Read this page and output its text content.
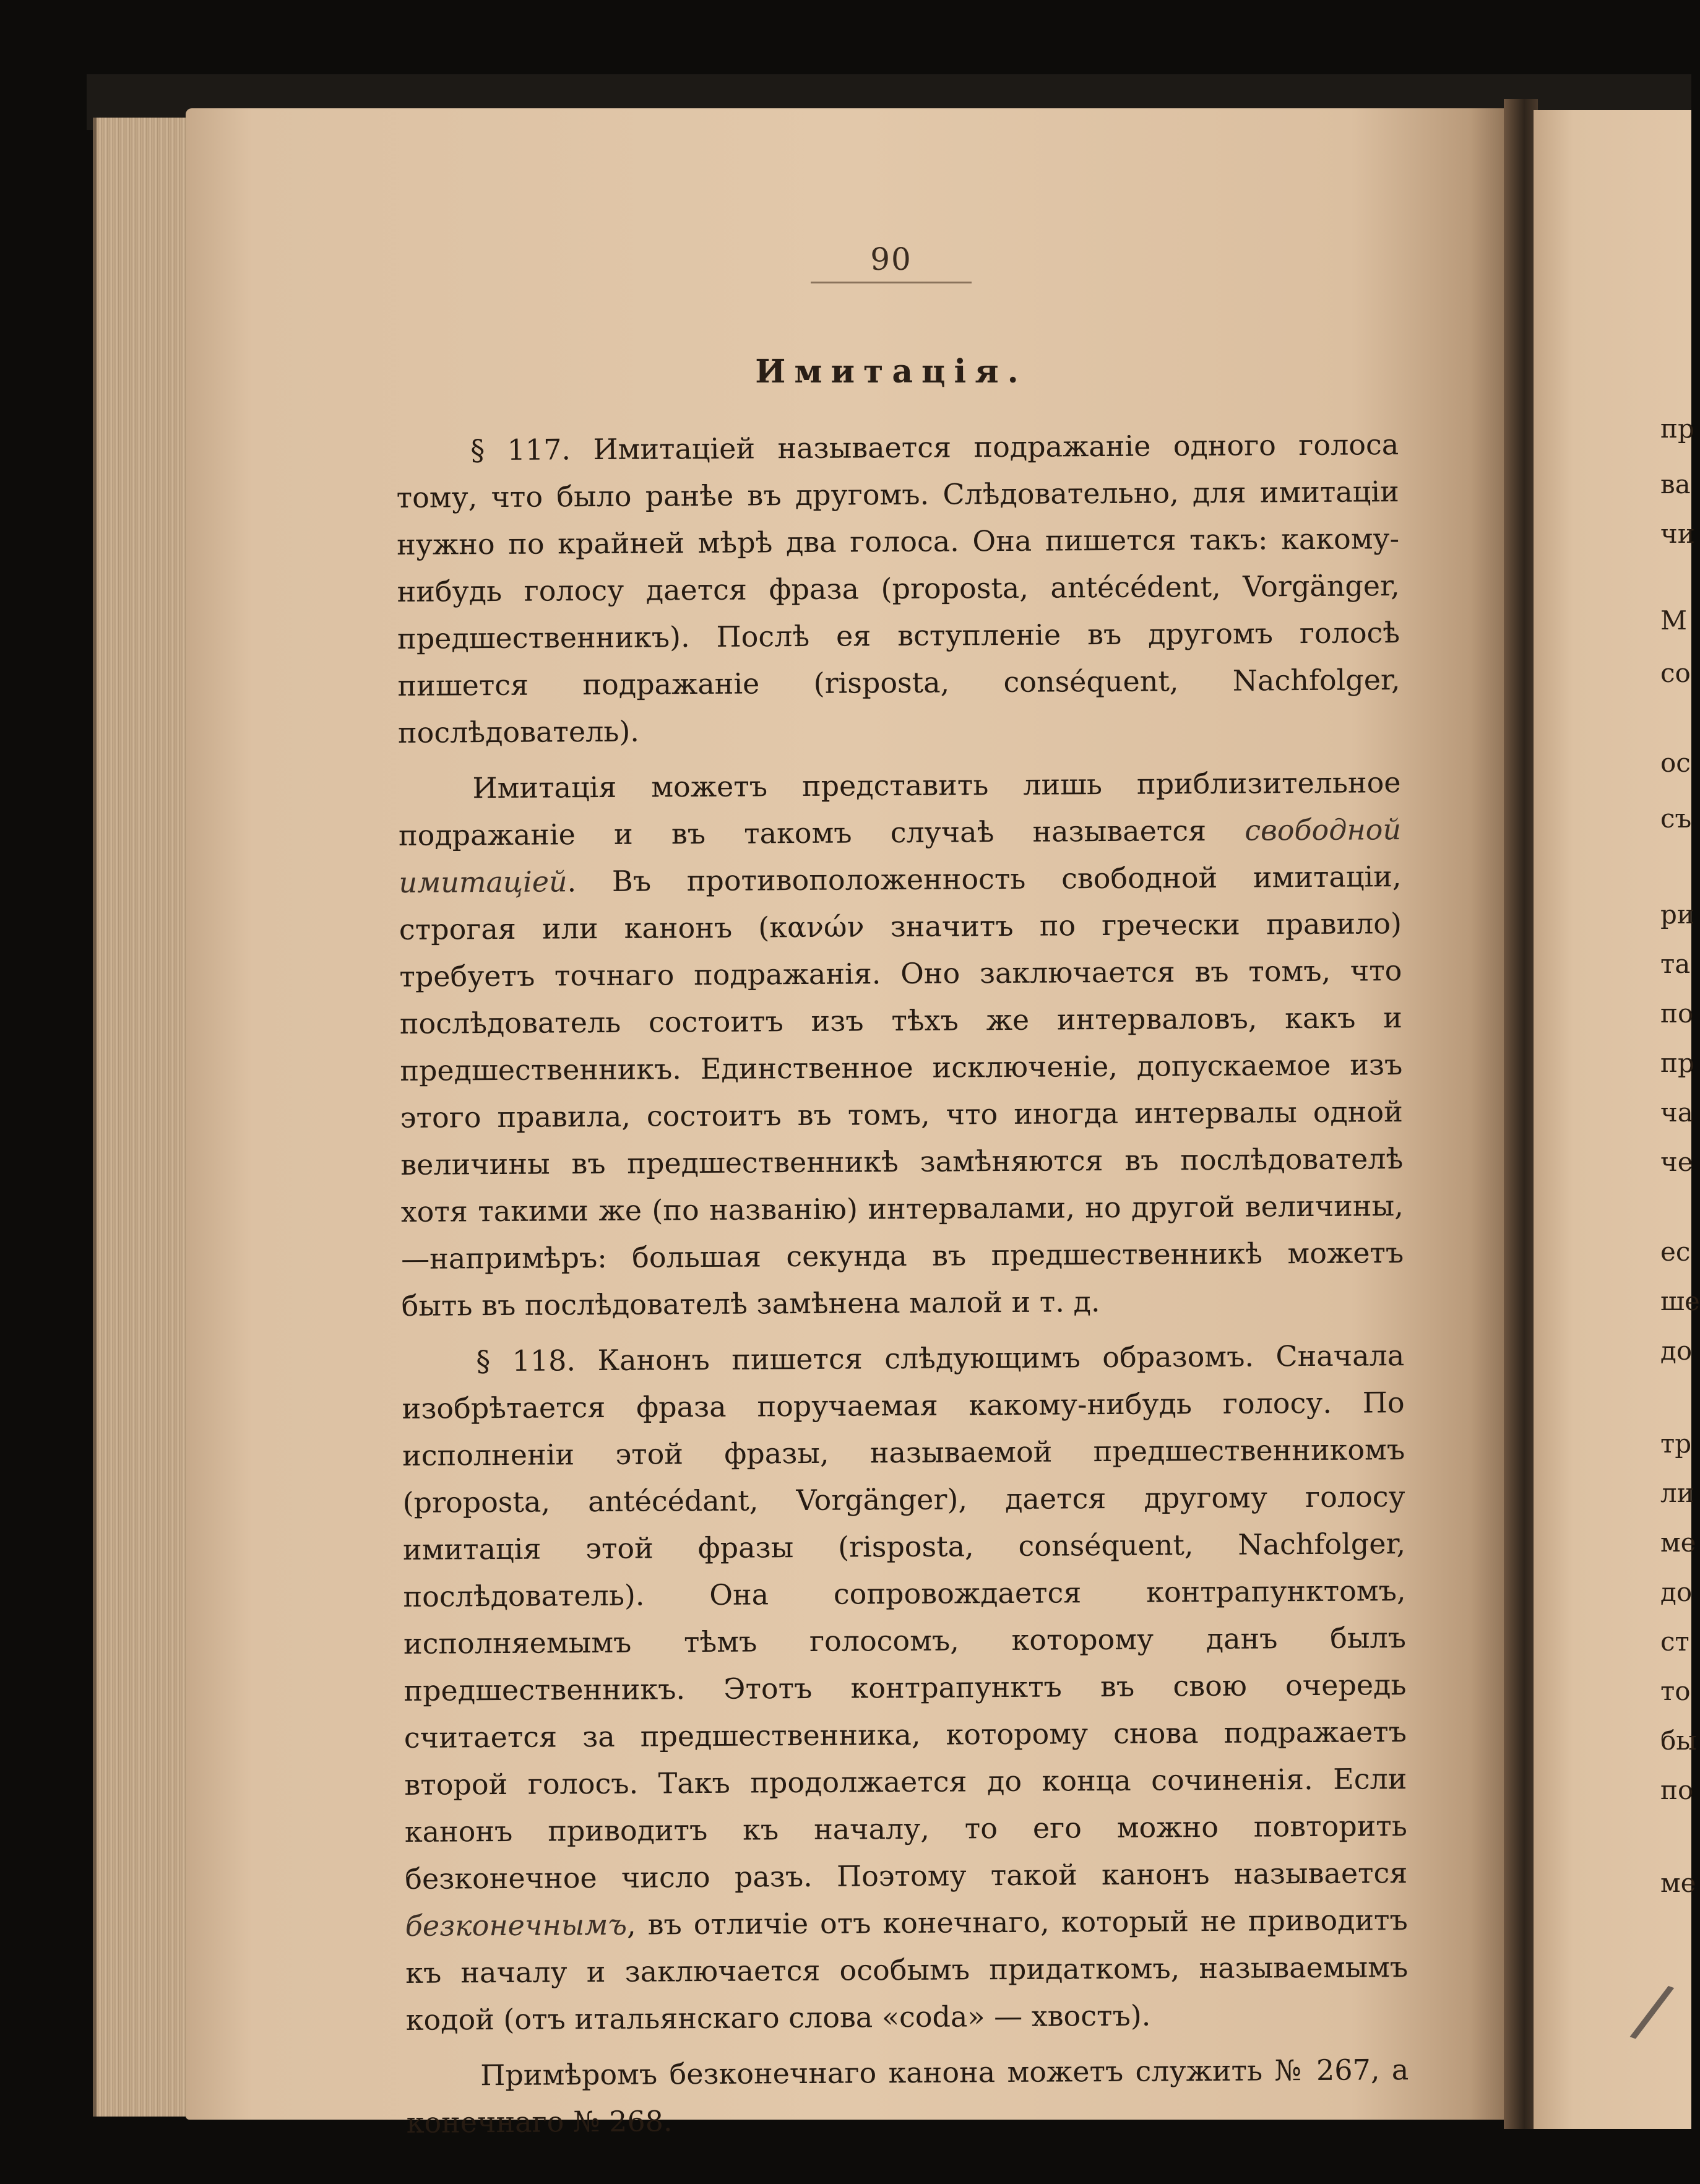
пр
ва
чи
М
со
ос
съ
ри
та
по
пр
ча
че
ес
ше
до
тр
ли
ме
до
ст
то
бы
по
ме
90
Имитація.

§ 117. Имитаціей называется подражаніе одного голоса тому, что было ранѣе въ другомъ. Слѣдовательно, для имитаціи нужно по крайней мѣрѣ два голоса. Она пишется такъ: какому-нибудь голосу дается фраза (proposta, antécédent, Vorgänger, предшественникъ). Послѣ ея вступленіе въ другомъ голосѣ пишется подражаніе (risposta, conséquent, Nachfolger, послѣдователь).

Имитація можетъ представить лишь приблизительное подражаніе и въ такомъ случаѣ называется свободной имитаціей. Въ противоположенность свободной имитаціи, строгая или канонъ (κανών значитъ по гречески правило) требуетъ точнаго подражанія. Оно заключается въ томъ, что послѣдователь состоитъ изъ тѣхъ же интерваловъ, какъ и предшественникъ. Единственное исключеніе, допускаемое изъ этого правила, состоитъ въ томъ, что иногда интервалы одной величины въ предшественникѣ замѣняются въ послѣдователѣ хотя такими же (по названію) интервалами, но другой величины,—напримѣръ: большая секунда въ предшественникѣ можетъ быть въ послѣдователѣ замѣнена малой и т. д.

§ 118. Канонъ пишется слѣдующимъ образомъ. Сначала изобрѣтается фраза поручаемая какому-нибудь голосу. По исполненіи этой фразы, называемой предшественникомъ (proposta, antécédant, Vorgänger), дается другому голосу имитація этой фразы (risposta, conséquent, Nachfolger, послѣдователь). Она сопровождается контрапунктомъ, исполняемымъ тѣмъ голосомъ, которому данъ былъ предшественникъ. Этотъ контрапунктъ въ свою очередь считается за предшественника, которому снова подражаетъ второй голосъ. Такъ продолжается до конца сочиненія. Если канонъ приводитъ къ началу, то его можно повторить безконечное число разъ. Поэтому такой канонъ называется безконечнымъ, въ отличіе отъ конечнаго, который не приводитъ къ началу и заключается особымъ придаткомъ, называемымъ кодой (отъ итальянскаго слова «coda» — хвостъ).

Примѣромъ безконечнаго канона можетъ служить № 267, а конечнаго № 268.

/
